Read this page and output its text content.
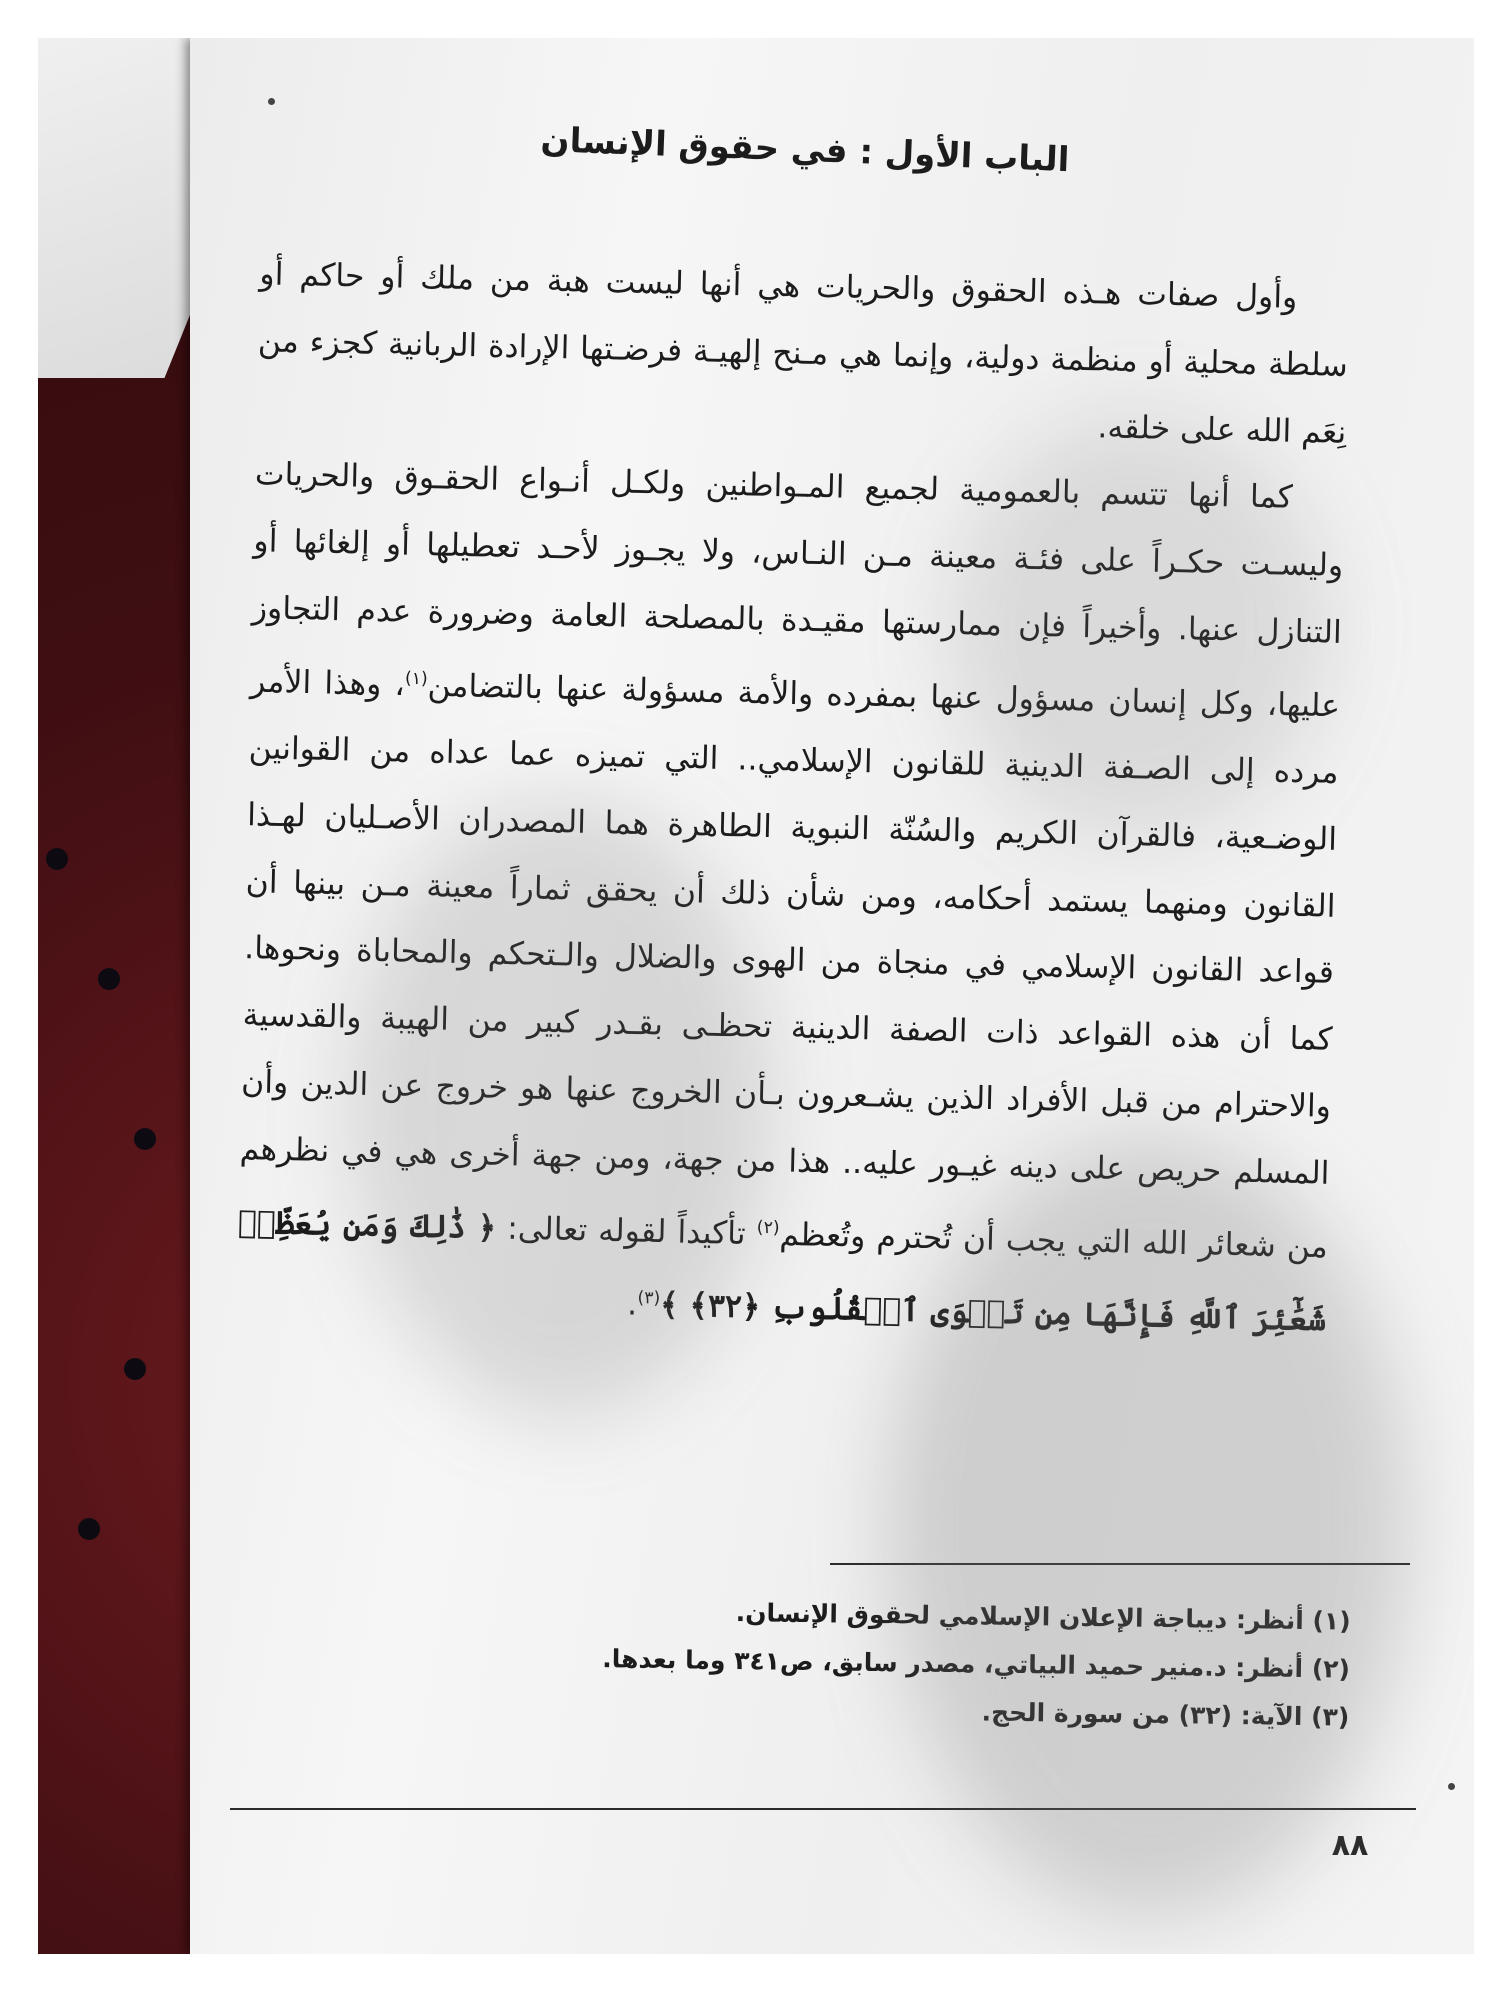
الباب الأول : في حقوق الإنسان

وأول صفات هـذه الحقوق والحريات هي أنها ليست هبة من ملك أو حاكم أو سلطة محلية أو منظمة دولية، وإنما هي مـنح إلهيـة فرضـتها الإرادة الربانية كجزء من نِعَم الله على خلقه.

كما أنها تتسم بالعمومية لجميع المـواطنين ولكـل أنـواع الحقـوق والحريات وليسـت حكـراً على فئـة معينة مـن النـاس، ولا يجـوز لأحـد تعطيلها أو إلغائها أو التنازل عنها. وأخيراً فإن ممارستها مقيـدة بالمصلحة العامة وضرورة عدم التجاوز عليها، وكل إنسان مسؤول عنها بمفرده والأمة مسؤولة عنها بالتضامن$^{(١)}$، وهذا الأمر مرده إلى الصـفة الدينية للقانون الإسلامي.. التي تميزه عما عداه من القوانين الوضـعية، فالقرآن الكريم والسُنّة النبوية الطاهرة هما المصدران الأصـليان لهـذا القانون ومنهما يستمد أحكامه، ومن شأن ذلك أن يحقق ثماراً معينة مـن بينها أن قواعد القانون الإسلامي في منجاة من الهوى والضلال والـتحكم والمحاباة ونحوها. كما أن هذه القواعد ذات الصفة الدينية تحظـى بقـدر كبير من الهيبة والقدسية والاحترام من قبل الأفراد الذين يشـعرون بـأن الخروج عنها هو خروج عن الدين وأن المسلم حريص على دينه غيـور عليه.. هذا من جهة، ومن جهة أخرى هي في نظرهم من شعائر الله التي يجب أن تُحترم وتُعظم$^{(٢)}$ تأكيداً لقوله تعالى: ﴿ ذَٰلِكَ وَمَن يُعَظِّمۡ شَعَٰٓئِرَ ٱللَّهِ فَإِنَّهَا مِن تَقۡوَى ٱلۡقُلُوبِ ﴿٣٢﴾ ﴾$^{(٣)}$.

(١) أنظر: ديباجة الإعلان الإسلامي لحقوق الإنسان.

(٢) أنظر: د.منير حميد البياتي، مصدر سابق، ص٣٤١ وما بعدها.

(٣) الآية: (٣٢) من سورة الحج.

٨٨
